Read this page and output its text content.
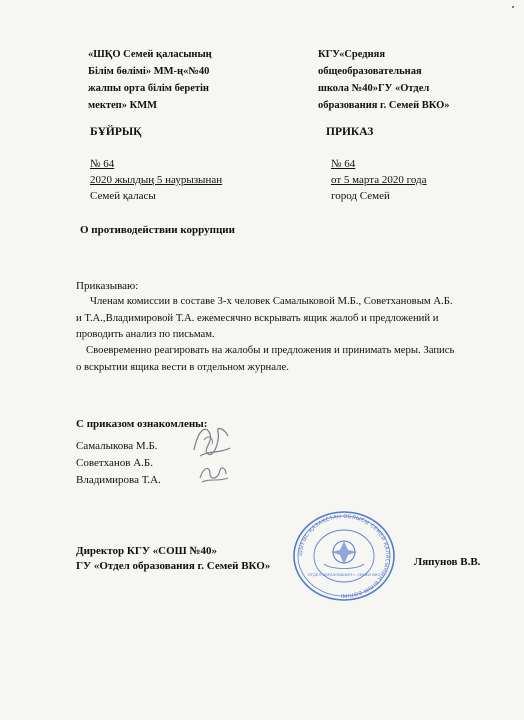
«ШҚО Семей қаласының
Білім бөлімі» ММ-ң«№40
жалпы орта білім беретін
мектеп» КММ
КГУ«Средняя
общеобразовательная
школа №40»ГУ «Отдел
образования г. Семей ВКО»
БҰЙРЫҚ	ПРИКАЗ
№ 64
2020 жылдың 5 наурызынан
Семей қаласы
№ 64
от 5 марта 2020 года
город Семей
О противодействии коррупции
Приказываю:
Членам комиссии в составе 3-х человек Самалыковой М.Б., Советхановым А.Б. и Т.А.,Владимировой Т.А. ежемесячно вскрывать ящик жалоб и предложений и проводить анализ по письмам.
Своевременно реагировать на жалобы и предложения и принимать меры. Запись о вскрытии ящика вести в отдельном журнале.
С приказом ознакомлены:
Самалыкова М.Б.
Советханов А.Б.
Владимирова Т.А.
Директор КГУ «СОШ №40»
ГУ «Отдел образования г. Семей ВКО»	Ляпунов В.В.
ШЫҒЫС ҚАЗАҚСТАН ОБЛЫСЫ СЕМЕЙ ҚАЛАСЫНЫҢ БІЛІМ БӨЛІМІ
ОТДЕЛ ОБРАЗОВАНИЯ г. СЕМЕЙ ВКО
